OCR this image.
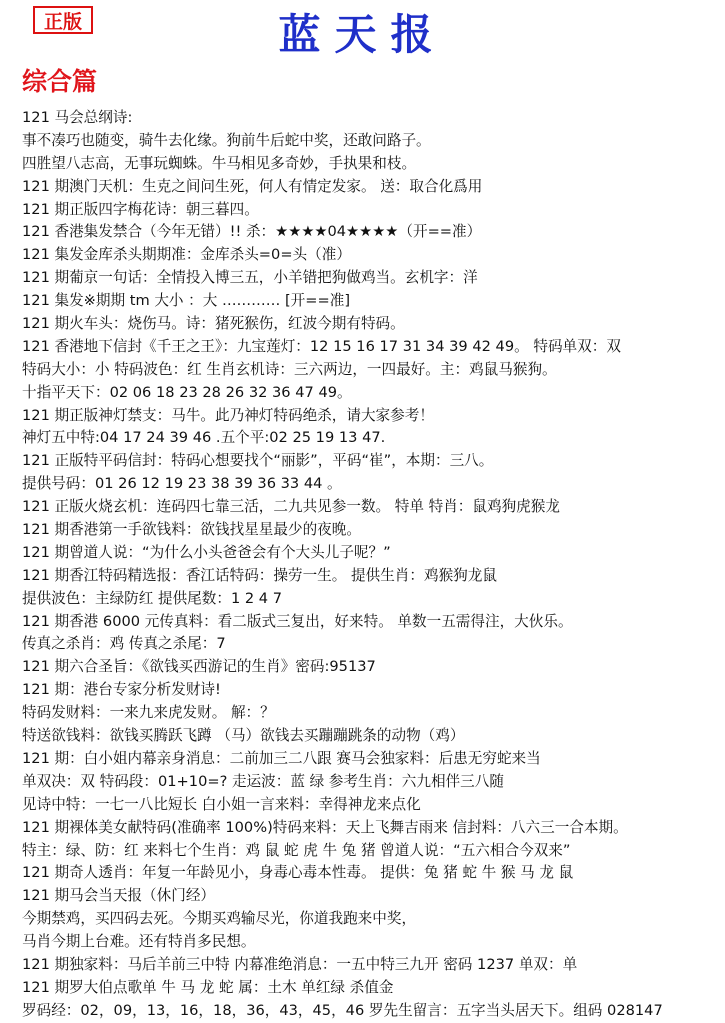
正版	蓝天报
综合篇
121 马会总纲诗:
事不凑巧也随变，骑牛去化缘。狗前牛后蛇中奖，还敢问路子。
四胜望八志高，无事玩蜘蛛。牛马相见多奇妙，手执果和枝。
121 期澳门天机：生克之间问生死，何人有情定发家。 送：取合化爲用
121 期正版四字梅花诗：朝三暮四。
121 香港集发禁合（今年无错）!! 杀：★★★★04★★★★（开==准）
121 集发金库杀头期期准：金库杀头=0=头（准）
121 期葡京一句话：全情投入博三五，小羊错把狗做鸡当。玄机字：洋
121 集发※期期 tm 大小 ：大 ………… [开==准]
121 期火车头：烧伤马。诗：猪死猴伤，红波今期有特码。
121 香港地下信封《千王之王》：九宝莲灯：12 15 16 17 31 34 39 42 49。 特码单双：双
特码大小：小 特码波色：红 生肖玄机诗：三六两边，一四最好。主：鸡鼠马猴狗。
十指平天下：02 06 18 23 28 26 32 36 47 49。
121 期正版神灯禁支：马牛。此乃神灯特码绝杀，请大家参考！
神灯五中特:04 17 24 39 46 .五个平:02 25 19 13 47.
121 正版特平码信封：特码心想要找个“丽影”，平码“崔”，本期：三八。
提供号码：01 26 12 19 23 38 39 36 33 44 。
121 正版火烧玄机：连码四七靠三活，二九共见参一数。 特单 特肖：鼠鸡狗虎猴龙
121 期香港第一手欲钱料：欲钱找星星最少的夜晚。
121 期曾道人说：“为什么小头爸爸会有个大头儿子呢？”
121 期香江特码精选报：香江话特码：操劳一生。 提供生肖：鸡猴狗龙鼠
提供波色：主绿防红 提供尾数：1 2 4 7
121 期香港 6000 元传真料：看二版式三复出，好来特。 单数一五需得注，大伙乐。
传真之杀肖：鸡 传真之杀尾：7
121 期六合圣旨：《欲钱买西游记的生肖》密码:95137
121 期：港台专家分析发财诗!
特码发财料：一来九来虎发财。 解：？
特送欲钱料：欲钱买腾跃飞蹲 （马）欲钱去买蹦蹦跳条的动物（鸡）
121 期：白小姐内幕亲身消息：二前加三二八跟 赛马会独家料：后患无穷蛇来当
单双决：双 特码段：01+10=? 走运波：蓝 绿 参考生肖：六九相伴三八随
见诗中特：一七一八比短长 白小姐一言来料：幸得神龙来点化
121 期裸体美女献特码(准确率 100%)特码来料：天上飞舞吉雨来 信封料：八六三一合本期。
特主：绿、防：红 来料七个生肖：鸡 鼠 蛇 虎 牛 兔 猪 曾道人说：“五六相合今双来”
121 期奇人透肖：年复一年龄见小，身毒心毒本性毒。 提供：兔 猪 蛇 牛 猴 马 龙 鼠
121 期马会当天报（休门经）
今期禁鸡，买四码去死。今期买鸡输尽光，你道我跑来中奖，
马肖今期上台难。还有特肖多民想。
121 期独家料：马后羊前三中特 内幕准绝消息：一五中特三九开 密码 1237 单双：单
121 期罗大伯点歌单 牛 马 龙 蛇 属：土木 单红绿 杀值金
罗码经：02，09，13，16，18，36，43，45，46 罗先生留言：五字当头居天下。组码 028147
